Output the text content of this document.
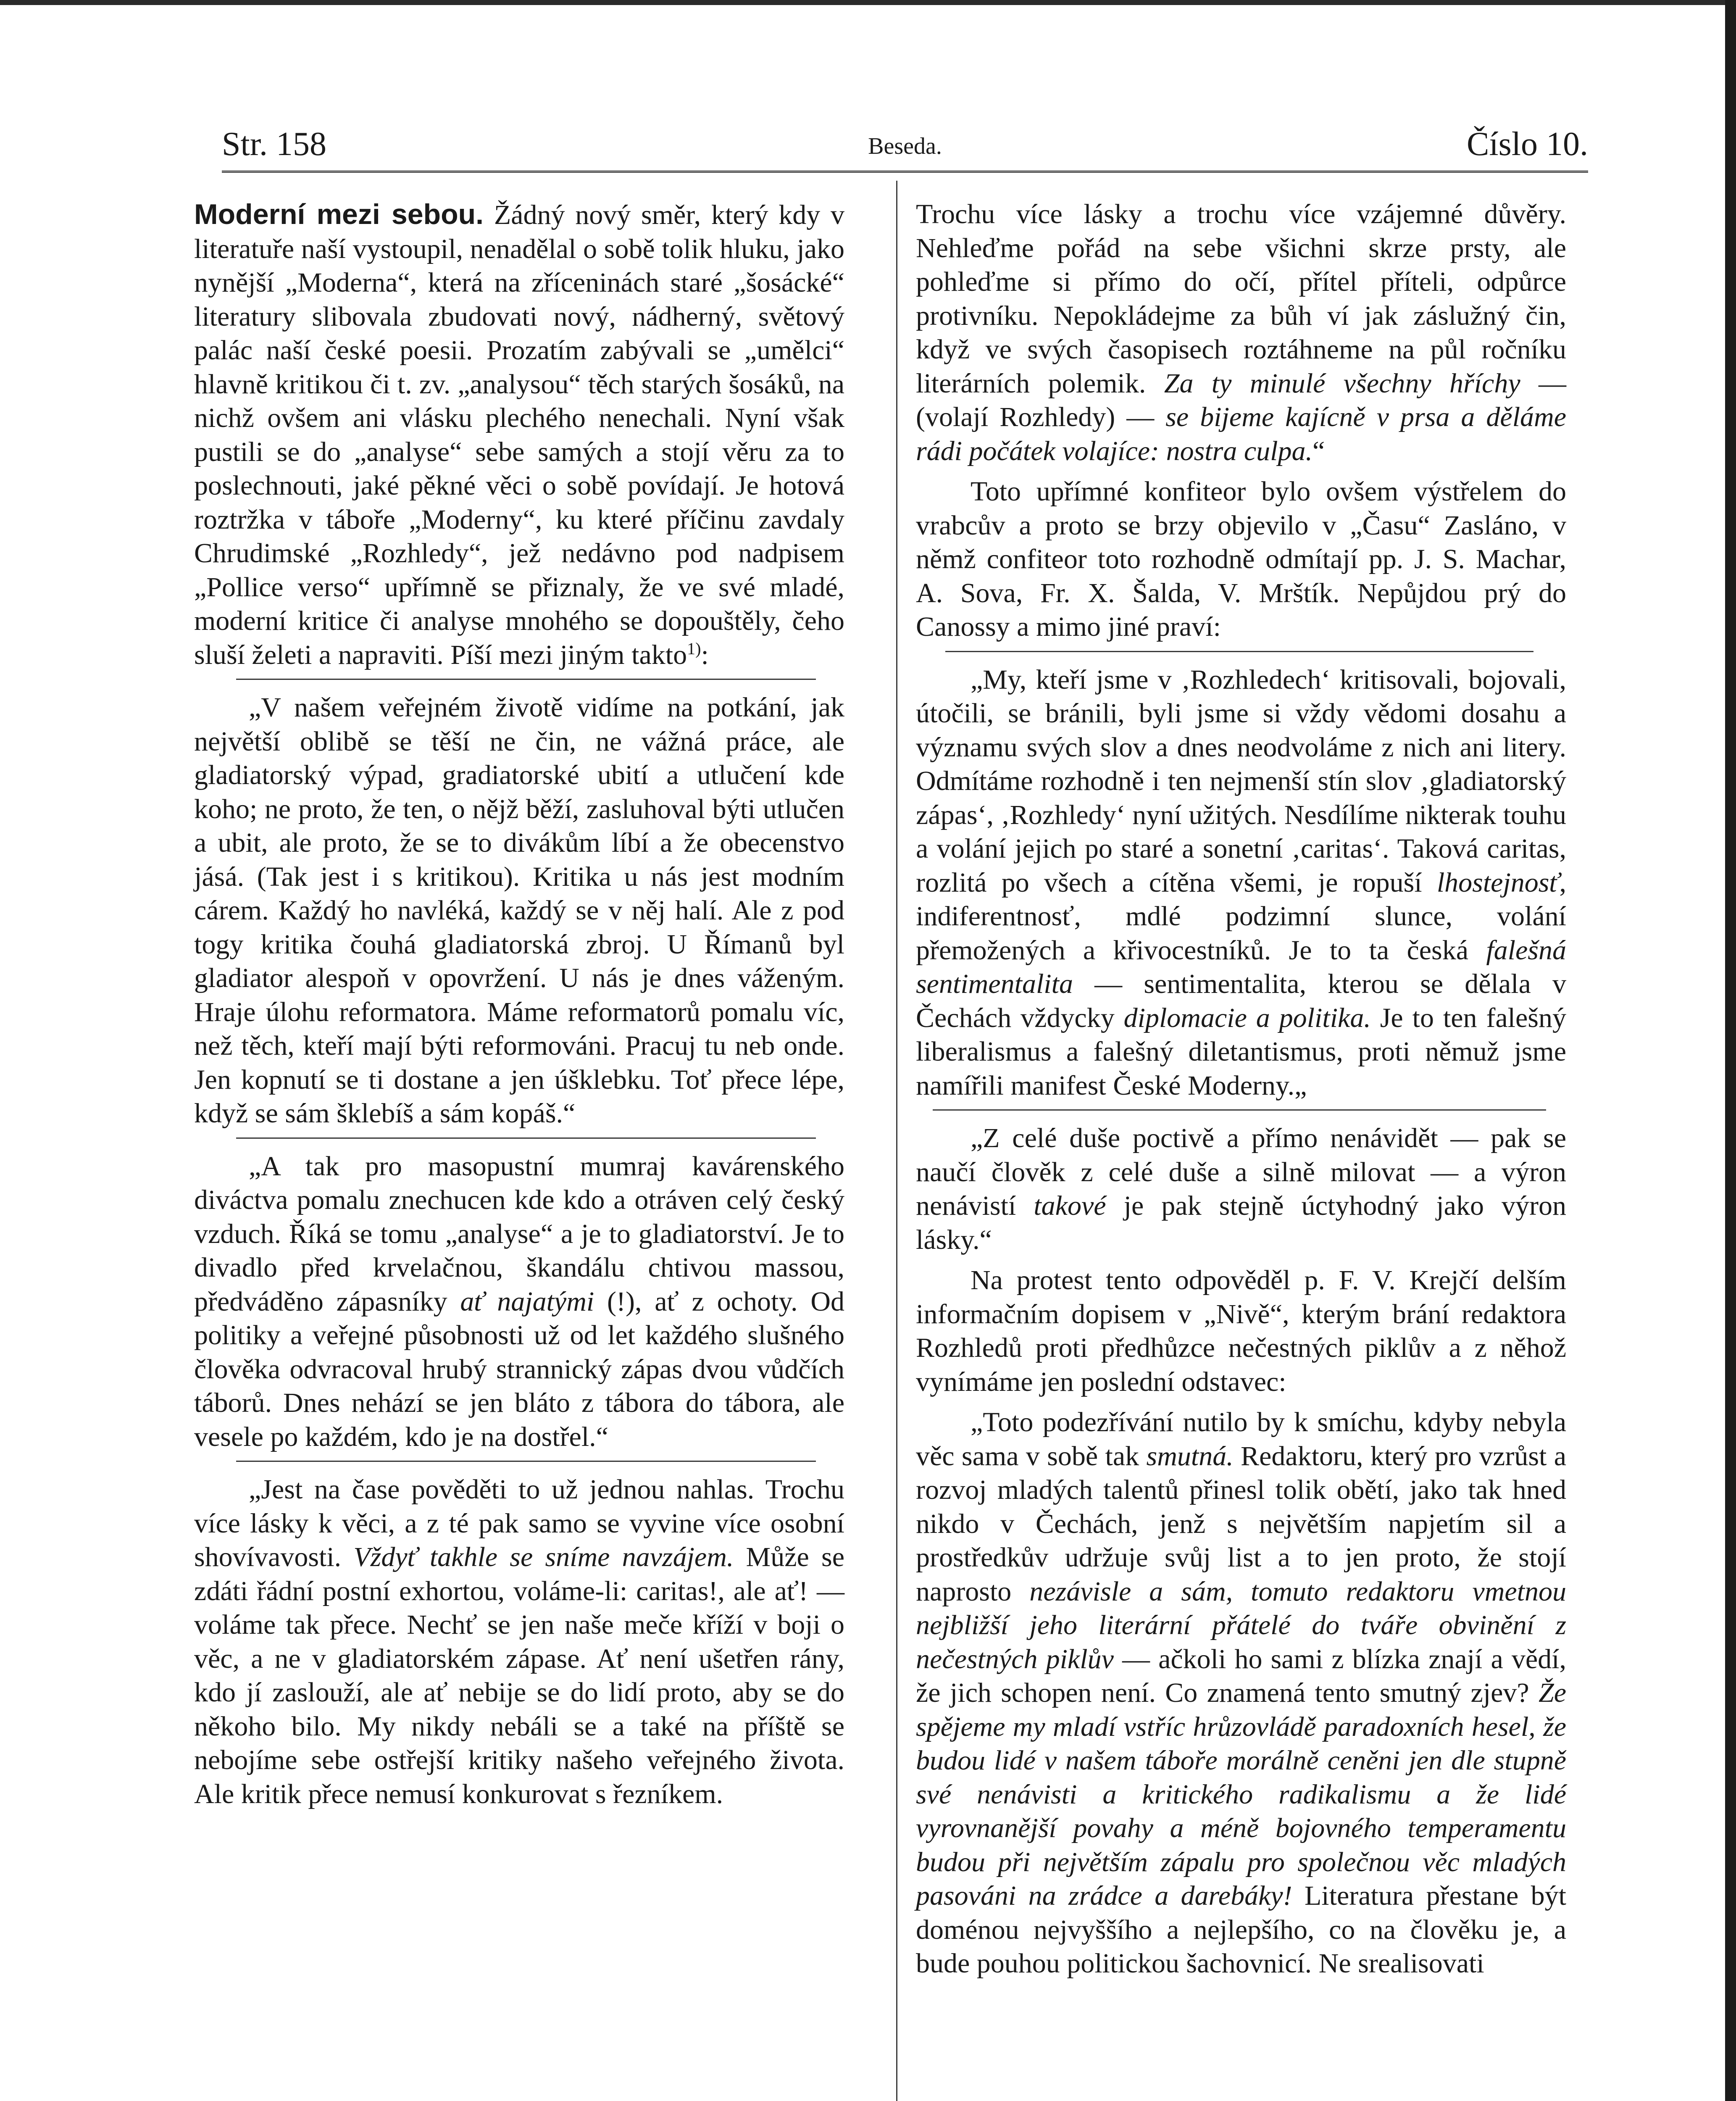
Str. 158	Beseda.	Číslo 10.

Moderní mezi sebou. Žádný nový směr, který kdy v literatuře naší vystoupil, nenadělal o sobě tolik hluku, jako nynější „Moderna“, která na zříceninách staré „šosácké“ literatury slibovala zbudovati nový, nádherný, světový palác naší české poesii. Prozatím zabývali se „umělci“ hlavně kritikou či t. zv. „analysou“ těch starých šosáků, na nichž ovšem ani vlásku plechého nenechali. Nyní však pustili se do „analyse“ sebe samých a stojí věru za to poslechnouti, jaké pěkné věci o sobě povídají. Je hotová roztržka v táboře „Moderny“, ku které příčinu zavdaly Chrudimské „Rozhledy“, jež nedávno pod nadpisem „Pollice verso“ upřímně se přiznaly, že ve své mladé, moderní kritice či analyse mnohého se dopouštěly, čeho sluší želeti a napraviti. Píší mezi jiným takto$^{1)}$:

„V našem veřejném životě vidíme na potkání, jak největší oblibě se těší ne čin, ne vážná práce, ale gladiatorský výpad, gradiatorské ubití a utlučení kde koho; ne proto, že ten, o nějž běží, zasluhoval býti utlučen a ubit, ale proto, že se to divákům líbí a že obecenstvo jásá. (Tak jest i s kritikou). Kritika u nás jest modním cárem. Každý ho navléká, každý se v něj halí. Ale z pod togy kritika čouhá gladiatorská zbroj. U Římanů byl gladiator alespoň v opovržení. U nás je dnes váženým. Hraje úlohu reformatora. Máme reformatorů pomalu víc, než těch, kteří mají býti reformováni. Pracuj tu neb onde. Jen kopnutí se ti dostane a jen úšklebku. Toť přece lépe, když se sám šklebíš a sám kopáš.“

„A tak pro masopustní mumraj kavárenského diváctva pomalu znechucen kde kdo a otráven celý český vzduch. Říká se tomu „analyse“ a je to gladiatorství. Je to divadlo před krvelačnou, škandálu chtivou massou, předváděno zápasníky ať najatými (!), ať z ochoty. Od politiky a veřejné působnosti už od let každého slušného člověka odvracoval hrubý strannický zápas dvou vůdčích táborů. Dnes nehází se jen bláto z tábora do tábora, ale vesele po každém, kdo je na dostřel.“

„Jest na čase pověděti to už jednou nahlas. Trochu více lásky k věci, a z té pak samo se vyvine více osobní shovívavosti. Vždyť takhle se snímе navzájem. Může se zdáti řádní postní exhortou, voláme-li: caritas!, ale ať! — voláme tak přece. Nechť se jen naše meče kříží v boji o věc, a ne v gladiatorském zápase. Ať není ušetřen rány, kdo jí zaslouží, ale ať nebije se do lidí proto, aby se do někoho bilo. My nikdy nebáli se a také na příště se nebojíme sebe ostřejší kritiky našeho veřejného života. Ale kritik přece nemusí konkurovat s řezníkem.

Trochu více lásky a trochu více vzájemné důvěry. Nehleďme pořád na sebe všichni skrze prsty, ale pohleďme si přímo do očí, přítel příteli, odpůrce protivníku. Nepokládejme za bůh ví jak záslužný čin, když ve svých časopisech roztáhneme na půl ročníku literárních polemik. Za ty minulé všechny hříchy — (volají Rozhledy) — se bijeme kajícně v prsa a děláme rádi počátek volajíce: nostra culpa.“

Toto upřímné konfiteor bylo ovšem výstřelem do vrabcův a proto se brzy objevilo v „Času“ Zasláno, v němž confiteor toto rozhodně odmítají pp. J. S. Machar, A. Sova, Fr. X. Šalda, V. Mrštík. Nepůjdou prý do Canossy a mimo jiné praví:

„My, kteří jsme v ‚Rozhledech‘ kritisovali, bojovali, útočili, se bránili, byli jsme si vždy vědomi dosahu a významu svých slov a dnes neodvoláme z nich ani litery. Odmítáme rozhodně i ten nejmenší stín slov ‚gladiatorský zápas‘, ‚Rozhledy‘ nyní užitých. Nesdílíme nikterak touhu a volání jejich po staré a sonetní ‚caritas‘. Taková caritas, rozlitá po všech a cítěna všemi, je ropuší lhostejnosť, indiferentnosť, mdlé podzimní slunce, volání přemožených a křivocestníků. Je to ta česká falešná sentimentalita — sentimentalita, kterou se dělala v Čechách vždycky diplomacie a politika. Je to ten falešný liberalismus a falešný diletantismus, proti němuž jsme namířili manifest České Moderny.„

„Z celé duše poctivě a přímo nenávidět — pak se naučí člověk z celé duše a silně milovat — a výron nenávistí takové je pak stejně úctyhodný jako výron lásky.“

Na protest tento odpověděl p. F. V. Krejčí delším informačním dopisem v „Nivě“, kterým brání redaktora Rozhledů proti předhůzce nečestných piklův a z něhož vynímáme jen poslední odstavec:

„Toto podezřívání nutilo by k smíchu, kdyby nebyla věc sama v sobě tak smutná. Redaktoru, který pro vzrůst a rozvoj mladých talentů přinesl tolik obětí, jako tak hned nikdo v Čechách, jenž s největším napjetím sil a prostředkův udržuje svůj list a to jen proto, že stojí naprosto nezávisle a sám, tomuto redaktoru vmetnou nejbližší jeho literární přátelé do tváře obvinění z nečestných piklův — ačkoli ho sami z blízka znají a vědí, že jich schopen není. Co znamená tento smutný zjev? Že spějeme my mladí vstříc hrůzovládě paradoxních hesel, že budou lidé v našem táboře morálně ceněni jen dle stupně své nenávisti a kritického radikalismu a že lidé vyrovnanější povahy a méně bojovného temperamentu budou při největším zápalu pro společnou věc mladých pasováni na zrádce a darebáky! Literatura přestane být doménou nejvyššího a nejlepšího, co na člověku je, a bude pouhou politickou šachovnicí. Ne srealisovati
